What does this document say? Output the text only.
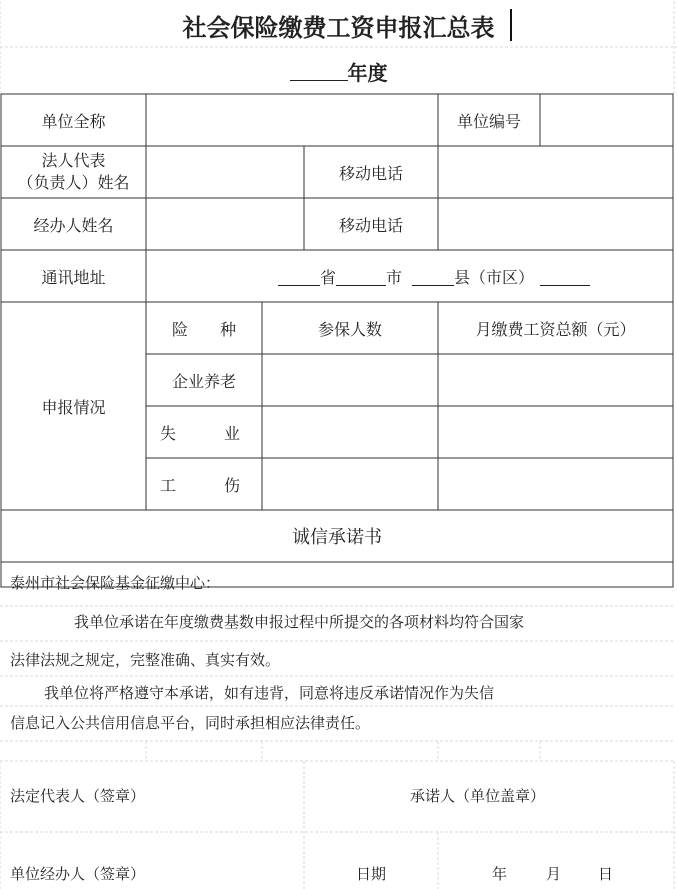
社会保险缴费工资申报汇总表
年度
单位全称	单位编号
法人代表
（负责人）姓名	移动电话
经办人姓名	移动电话
通讯地址	省	市	县（市区）
申报情况
险　　种	参保人数	月缴费工资总额（元）
企业养老
失　　　业
工　　　伤
诚信承诺书
泰州市社会保险基金征缴中心：
我单位承诺在年度缴费基数申报过程中所提交的各项材料均符合国家
法律法规之规定，完整准确、真实有效。
我单位将严格遵守本承诺，如有违背，同意将违反承诺情况作为失信
信息记入公共信用信息平台，同时承担相应法律责任。
法定代表人（签章）	承诺人（单位盖章）
单位经办人（签章）	日期	年	月	日
